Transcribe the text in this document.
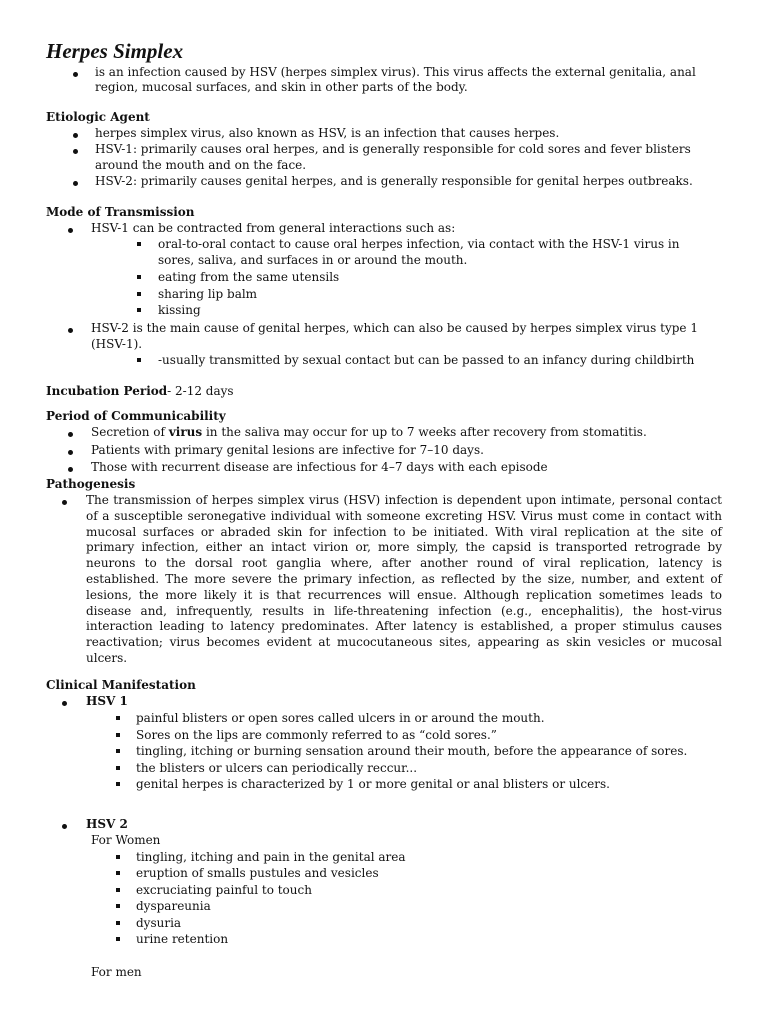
Herpes Simplex
is an infection caused by HSV (herpes simplex virus). This virus affects the external genitalia, anal
region, mucosal surfaces, and skin in other parts of the body.
Etiologic Agent
herpes simplex virus, also known as HSV, is an infection that causes herpes.
HSV-1: primarily causes oral herpes, and is generally responsible for cold sores and fever blisters
around the mouth and on the face.
HSV-2: primarily causes genital herpes, and is generally responsible for genital herpes outbreaks.
Mode of Transmission
HSV-1 can be contracted from general interactions such as:
oral-to-oral contact to cause oral herpes infection, via contact with the HSV-1 virus in
sores, saliva, and surfaces in or around the mouth.
eating from the same utensils
sharing lip balm
kissing
HSV-2 is the main cause of genital herpes, which can also be caused by herpes simplex virus type 1
(HSV-1).
-usually transmitted by sexual contact but can be passed to an infancy during childbirth
Incubation Period- 2-12 days
Period of Communicability
Secretion of virus in the saliva may occur for up to 7 weeks after recovery from stomatitis.
Patients with primary genital lesions are infective for 7–10 days.
Those with recurrent disease are infectious for 4–7 days with each episode
Pathogenesis
The transmission of herpes simplex virus (HSV) infection is dependent upon intimate, personal contact of a susceptible seronegative individual with someone excreting HSV. Virus must come in contact with mucosal surfaces or abraded skin for infection to be initiated. With viral replication at the site of primary infection, either an intact virion or, more simply, the capsid is transported retrograde by neurons to the dorsal root ganglia where, after another round of viral replication, latency is established. The more severe the primary infection, as reflected by the size, number, and extent of lesions, the more likely it is that recurrences will ensue. Although replication sometimes leads to disease and, infrequently, results in life-threatening infection (e.g., encephalitis), the host-virus interaction leading to latency predominates. After latency is established, a proper stimulus causes reactivation; virus becomes evident at mucocutaneous sites, appearing as skin vesicles or mucosal ulcers.
Clinical Manifestation
HSV 1
painful blisters or open sores called ulcers in or around the mouth.
Sores on the lips are commonly referred to as “cold sores.”
tingling, itching or burning sensation around their mouth, before the appearance of sores.
the blisters or ulcers can periodically reccur...
genital herpes is characterized by 1 or more genital or anal blisters or ulcers.
HSV 2
For Women
tingling, itching and pain in the genital area
eruption of smalls pustules and vesicles
excruciating painful to touch
dyspareunia
dysuria
urine retention
For men
